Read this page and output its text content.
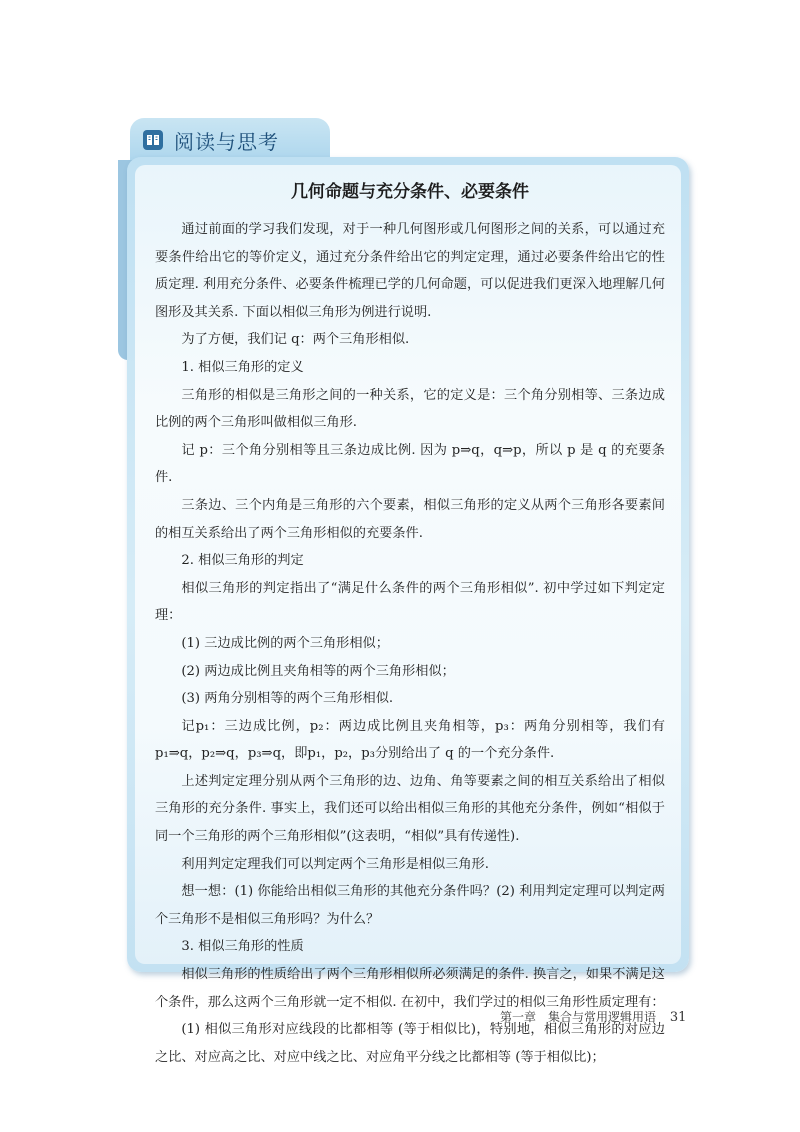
阅读与思考
几何命题与充分条件、必要条件

通过前面的学习我们发现，对于一种几何图形或几何图形之间的关系，可以通过充要条件给出它的等价定义，通过充分条件给出它的判定定理，通过必要条件给出它的性质定理. 利用充分条件、必要条件梳理已学的几何命题，可以促进我们更深入地理解几何图形及其关系. 下面以相似三角形为例进行说明.

为了方便，我们记 q：两个三角形相似.

1. 相似三角形的定义

三角形的相似是三角形之间的一种关系，它的定义是：三个角分别相等、三条边成比例的两个三角形叫做相似三角形.

记 p：三个角分别相等且三条边成比例. 因为 p⇒q，q⇒p，所以 p 是 q 的充要条件.

三条边、三个内角是三角形的六个要素，相似三角形的定义从两个三角形各要素间的相互关系给出了两个三角形相似的充要条件.

2. 相似三角形的判定

相似三角形的判定指出了“满足什么条件的两个三角形相似”. 初中学过如下判定定理：

(1) 三边成比例的两个三角形相似；

(2) 两边成比例且夹角相等的两个三角形相似；

(3) 两角分别相等的两个三角形相似.

记p₁：三边成比例，p₂：两边成比例且夹角相等，p₃：两角分别相等，我们有p₁⇒q，p₂⇒q，p₃⇒q，即p₁，p₂，p₃分别给出了 q 的一个充分条件.

上述判定定理分别从两个三角形的边、边角、角等要素之间的相互关系给出了相似三角形的充分条件. 事实上，我们还可以给出相似三角形的其他充分条件，例如“相似于同一个三角形的两个三角形相似”(这表明，“相似”具有传递性).

利用判定定理我们可以判定两个三角形是相似三角形.

想一想：(1) 你能给出相似三角形的其他充分条件吗？(2) 利用判定定理可以判定两个三角形不是相似三角形吗？为什么？

3. 相似三角形的性质

相似三角形的性质给出了两个三角形相似所必须满足的条件. 换言之，如果不满足这个条件，那么这两个三角形就一定不相似. 在初中，我们学过的相似三角形性质定理有：

(1) 相似三角形对应线段的比都相等 (等于相似比)，特别地，相似三角形的对应边之比、对应高之比、对应中线之比、对应角平分线之比都相等 (等于相似比)；

第一章　集合与常用逻辑用语 31
